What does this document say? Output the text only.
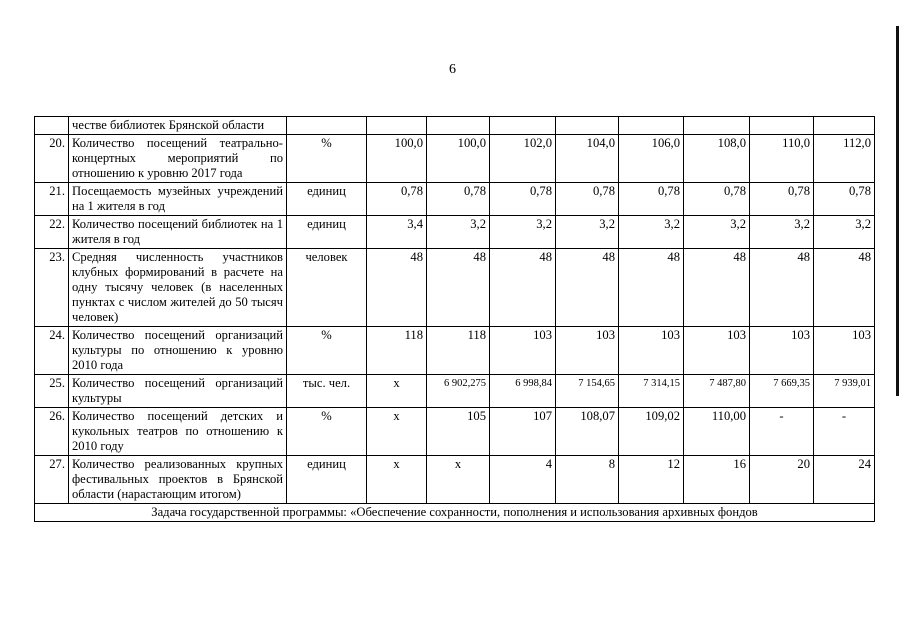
6
	честве библиотек Брянской области									
20.	Количество посещений театрально-концертных мероприятий по отношению к уровню 2017 года	%	100,0	100,0	102,0	104,0	106,0	108,0	110,0	112,0
21.	Посещаемость музейных учреждений на 1 жителя в год	единиц	0,78	0,78	0,78	0,78	0,78	0,78	0,78	0,78
22.	Количество посещений библиотек на 1 жителя в год	единиц	3,4	3,2	3,2	3,2	3,2	3,2	3,2	3,2
23.	Средняя численность участников клубных формирований в расчете на одну тысячу человек (в населенных пунктах с числом жителей до 50 тысяч человек)	человек	48	48	48	48	48	48	48	48
24.	Количество посещений организаций культуры по отношению к уровню 2010 года	%	118	118	103	103	103	103	103	103
25.	Количество посещений организаций культуры	тыс. чел.	х	6 902,275	6 998,84	7 154,65	7 314,15	7 487,80	7 669,35	7 939,01
26.	Количество посещений детских и кукольных театров по отношению к 2010 году	%	х	105	107	108,07	109,02	110,00	-	-
27.	Количество реализованных крупных фестивальных проектов в Брянской области (нарастающим итогом)	единиц	х	х	4	8	12	16	20	24
Задача государственной программы: «Обеспечение сохранности, пополнения и использования архивных фондов										
